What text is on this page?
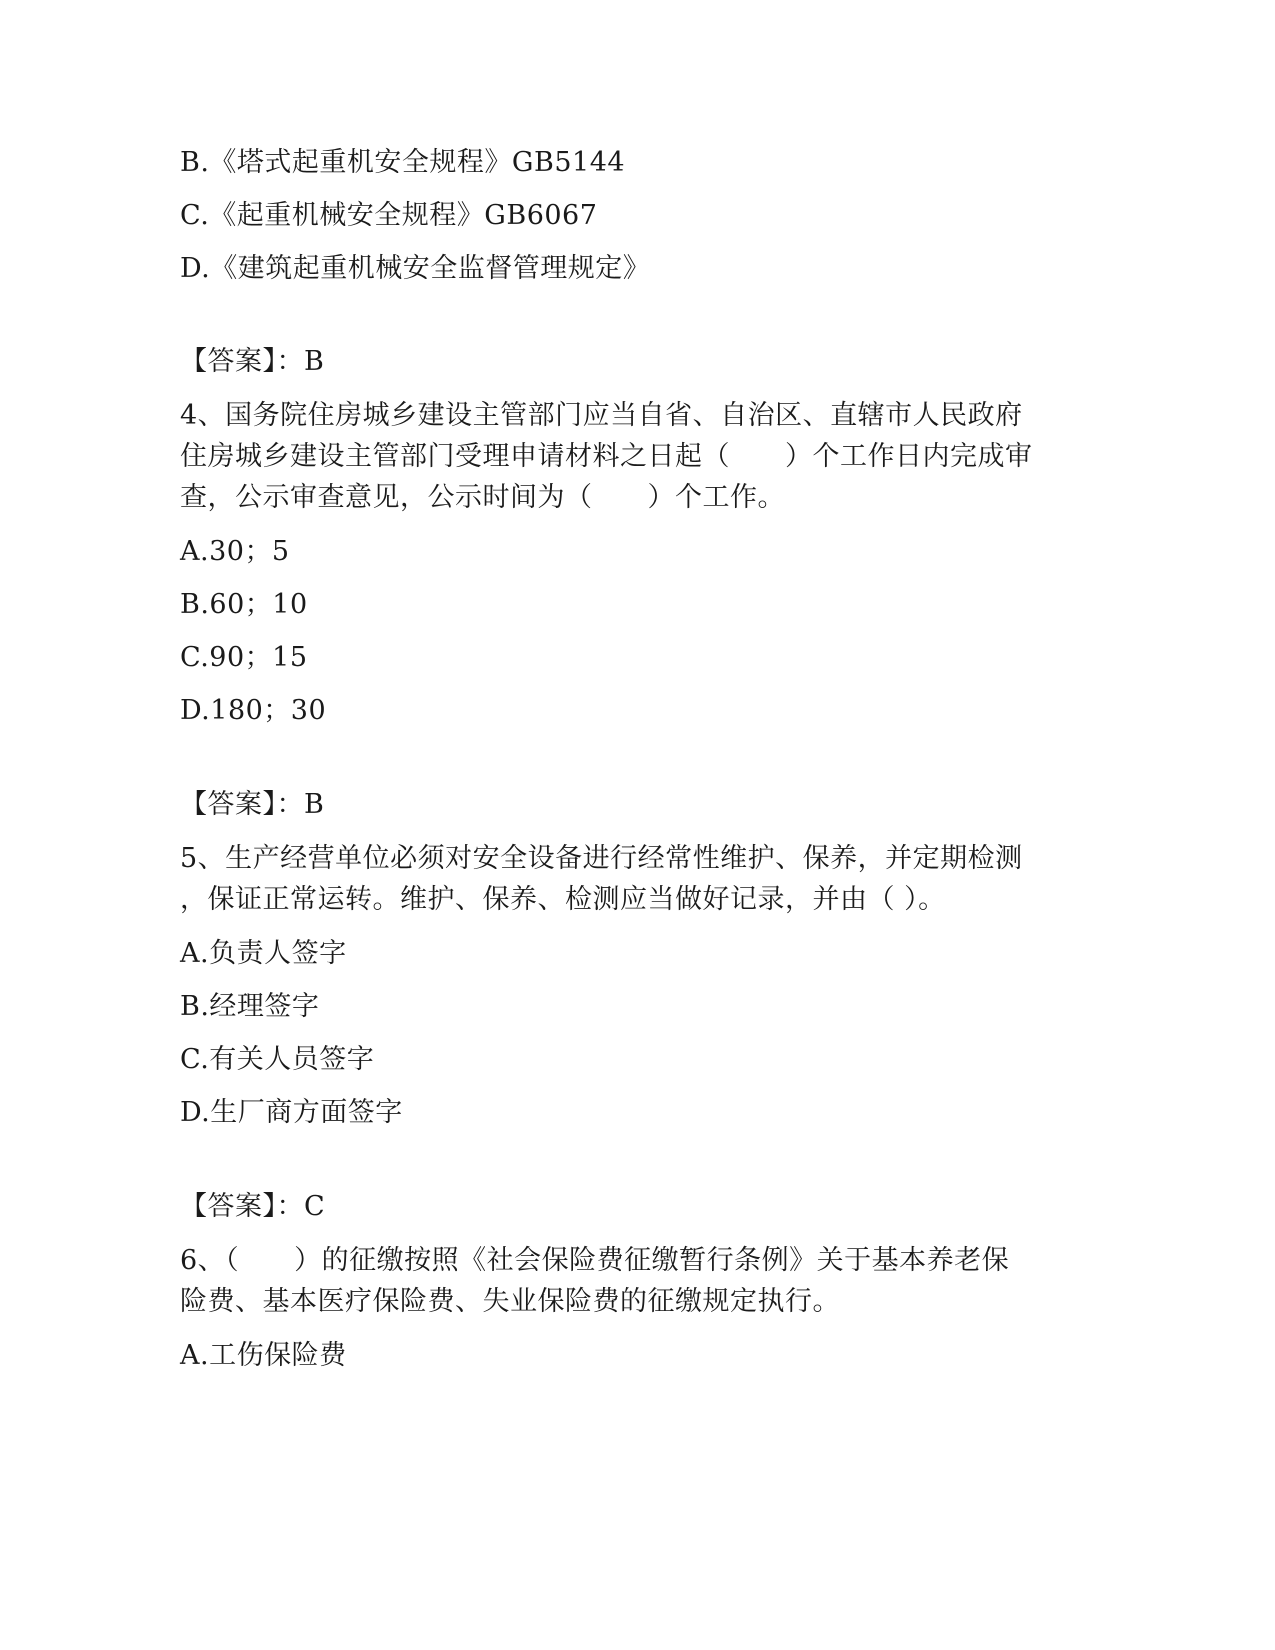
B.《塔式起重机安全规程》GB5144
C.《起重机械安全规程》GB6067
D.《建筑起重机械安全监督管理规定》
【答案】：B
4、国务院住房城乡建设主管部门应当自省、自治区、直辖市人民政府
住房城乡建设主管部门受理申请材料之日起（　　）个工作日内完成审
查，公示审查意见，公示时间为（　　）个工作。
A.30；5
B.60；10
C.90；15
D.180；30
【答案】：B
5、生产经营单位必须对安全设备进行经常性维护、保养，并定期检测
，保证正常运转。维护、保养、检测应当做好记录，并由（ ）。
A.负责人签字
B.经理签字
C.有关人员签字
D.生厂商方面签字
【答案】：C
6、（　　）的征缴按照《社会保险费征缴暂行条例》关于基本养老保
险费、基本医疗保险费、失业保险费的征缴规定执行。
A.工伤保险费
